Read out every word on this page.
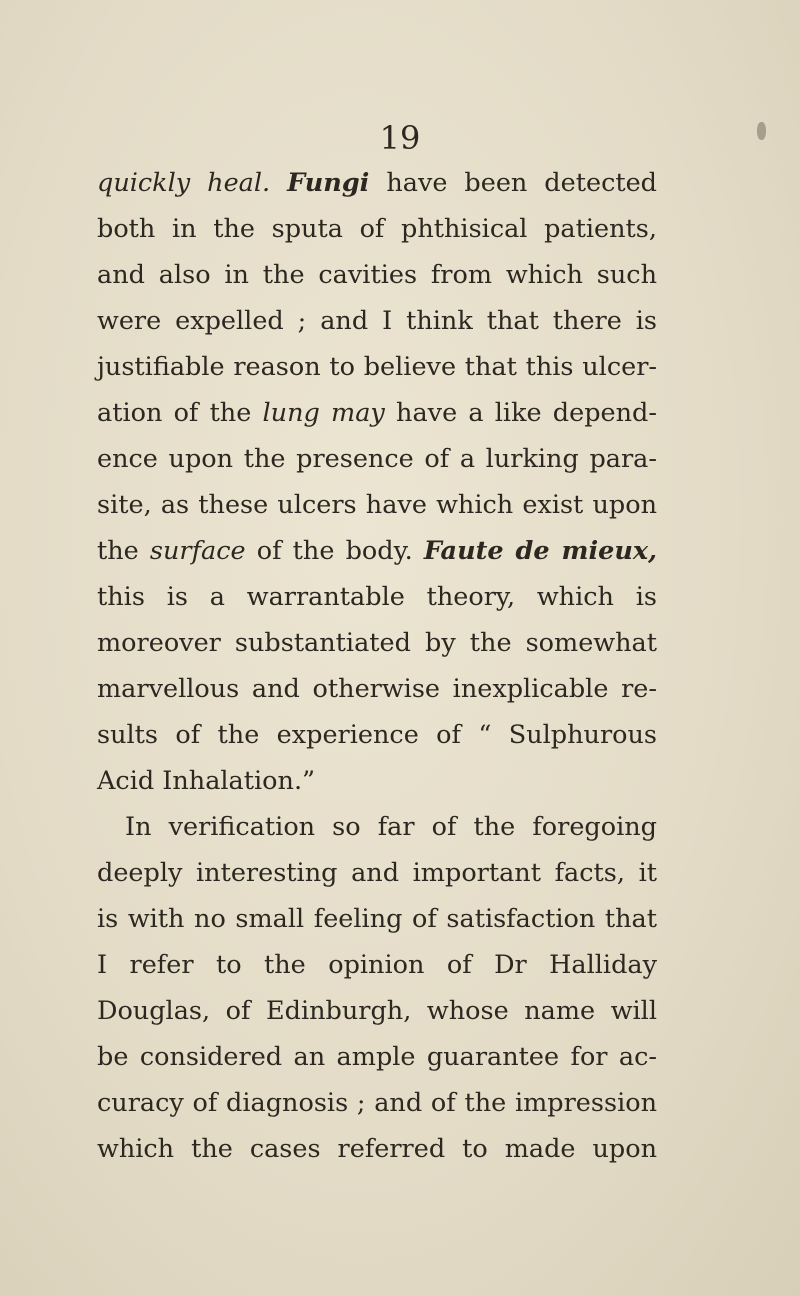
19
quickly heal. Fungi have been detected
both in the sputa of phthisical patients,
and also in the cavities from which such
were expelled ; and I think that there is
justifiable reason to believe that this ulcer-
ation of the lung may have a like depend-
ence upon the presence of a lurking para-
site, as these ulcers have which exist upon
the surface of the body. Faute de mieux,
this is a warrantable theory, which is
moreover substantiated by the somewhat
marvellous and otherwise inexplicable re-
sults of the experience of “ Sulphurous
Acid Inhalation.”
In verification so far of the foregoing
deeply interesting and important facts, it
is with no small feeling of satisfaction that
I refer to the opinion of Dr Halliday
Douglas, of Edinburgh, whose name will
be considered an ample guarantee for ac-
curacy of diagnosis ; and of the impression
which the cases referred to made upon
